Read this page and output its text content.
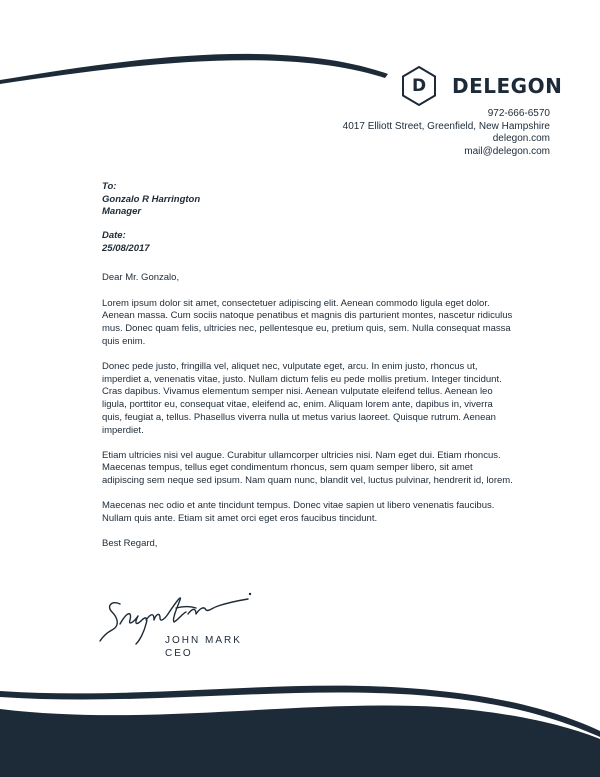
D	DELEGON
972-666-6570
4017 Elliott Street, Greenfield, New Hampshire
delegon.com
mail@delegon.com
To:
Gonzalo R Harrington
Manager
Date:
25/08/2017

Dear Mr. Gonzalo,

Lorem ipsum dolor sit amet, consectetuer adipiscing elit. Aenean commodo ligula eget dolor. Aenean massa. Cum sociis natoque penatibus et magnis dis parturient montes, nascetur ridiculus mus. Donec quam felis, ultricies nec, pellentesque eu, pretium quis, sem. Nulla consequat massa quis enim.

Donec pede justo, fringilla vel, aliquet nec, vulputate eget, arcu. In enim justo, rhoncus ut, imperdiet a, venenatis vitae, justo. Nullam dictum felis eu pede mollis pretium. Integer tincidunt. Cras dapibus. Vivamus elementum semper nisi. Aenean vulputate eleifend tellus. Aenean leo ligula, porttitor eu, consequat vitae, eleifend ac, enim. Aliquam lorem ante, dapibus in, viverra quis, feugiat a, tellus. Phasellus viverra nulla ut metus varius laoreet. Quisque rutrum. Aenean imperdiet.

Etiam ultricies nisi vel augue. Curabitur ullamcorper ultricies nisi. Nam eget dui. Etiam rhoncus. Maecenas tempus, tellus eget condimentum rhoncus, sem quam semper libero, sit amet adipiscing sem neque sed ipsum. Nam quam nunc, blandit vel, luctus pulvinar, hendrerit id, lorem.

Maecenas nec odio et ante tincidunt tempus. Donec vitae sapien ut libero venenatis faucibus. Nullam quis ante. Etiam sit amet orci eget eros faucibus tincidunt.

Best Regard,

JOHN MARK
CEO
